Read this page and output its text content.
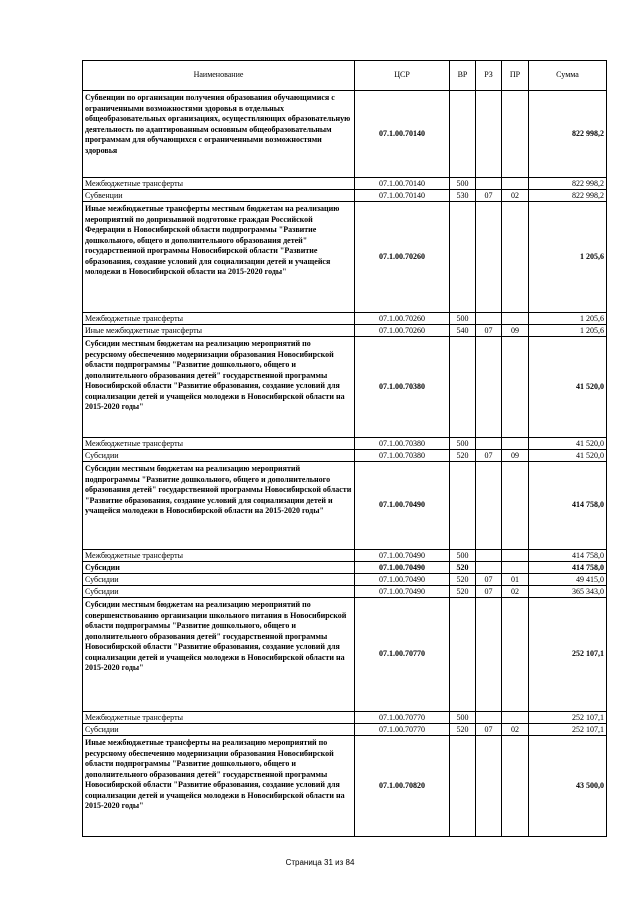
Наименование	ЦСР	ВР	РЗ	ПР	Сумма
Субвенции по организации получения образования обучающимися с ограниченными возможностями здоровья в отдельных общеобразовательных организациях, осуществляющих образовательную деятельность по адаптированным основным общеобразовательным программам для обучающихся с ограниченными возможностями здоровья	07.1.00.70140				822 998,2
Межбюджетные трансферты	07.1.00.70140	500			822 998,2
Субвенции	07.1.00.70140	530	07	02	822 998,2
Иные межбюджетные трансферты местным бюджетам на реализацию мероприятий по допризывной подготовке граждан Российской Федерации в Новосибирской области подпрограммы "Развитие дошкольного, общего и дополнительного образования детей" государственной программы Новосибирской области "Развитие образования, создание условий для социализации детей и учащейся молодежи в Новосибирской области на 2015-2020 годы"	07.1.00.70260				1 205,6
Межбюджетные трансферты	07.1.00.70260	500			1 205,6
Иные межбюджетные трансферты	07.1.00.70260	540	07	09	1 205,6
Субсидии местным бюджетам на реализацию мероприятий по ресурсному обеспечению модернизации образования Новосибирской области подпрограммы "Развитие дошкольного, общего и дополнительного образования детей" государственной программы Новосибирской области "Развитие образования, создание условий для социализации детей и учащейся молодежи в Новосибирской области на 2015-2020 годы"	07.1.00.70380				41 520,0
Межбюджетные трансферты	07.1.00.70380	500			41 520,0
Субсидии	07.1.00.70380	520	07	09	41 520,0
Субсидии местным бюджетам на реализацию мероприятий подпрограммы "Развитие дошкольного, общего и дополнительного образования детей" государственной программы Новосибирской области "Развитие образования, создание условий для социализации детей и учащейся молодежи в Новосибирской области на 2015-2020 годы"	07.1.00.70490				414 758,0
Межбюджетные трансферты	07.1.00.70490	500			414 758,0
Субсидии	07.1.00.70490	520			414 758,0
Субсидии	07.1.00.70490	520	07	01	49 415,0
Субсидии	07.1.00.70490	520	07	02	365 343,0
Субсидии местным бюджетам на реализацию мероприятий по совершенствованию организации школьного питания в Новосибирской области подпрограммы "Развитие дошкольного, общего и дополнительного образования детей" государственной программы Новосибирской области "Развитие образования, создание условий для социализации детей и учащейся молодежи в Новосибирской области на 2015-2020 годы"	07.1.00.70770				252 107,1
Межбюджетные трансферты	07.1.00.70770	500			252 107,1
Субсидии	07.1.00.70770	520	07	02	252 107,1
Иные межбюджетные трансферты на реализацию мероприятий по ресурсному обеспечению модернизации образования Новосибирской области подпрограммы "Развитие дошкольного, общего и дополнительного образования детей" государственной программы Новосибирской области "Развитие образования, создание условий для социализации детей и учащейся молодежи в Новосибирской области на 2015-2020 годы"	07.1.00.70820				43 500,0
Страница 31 из 84
